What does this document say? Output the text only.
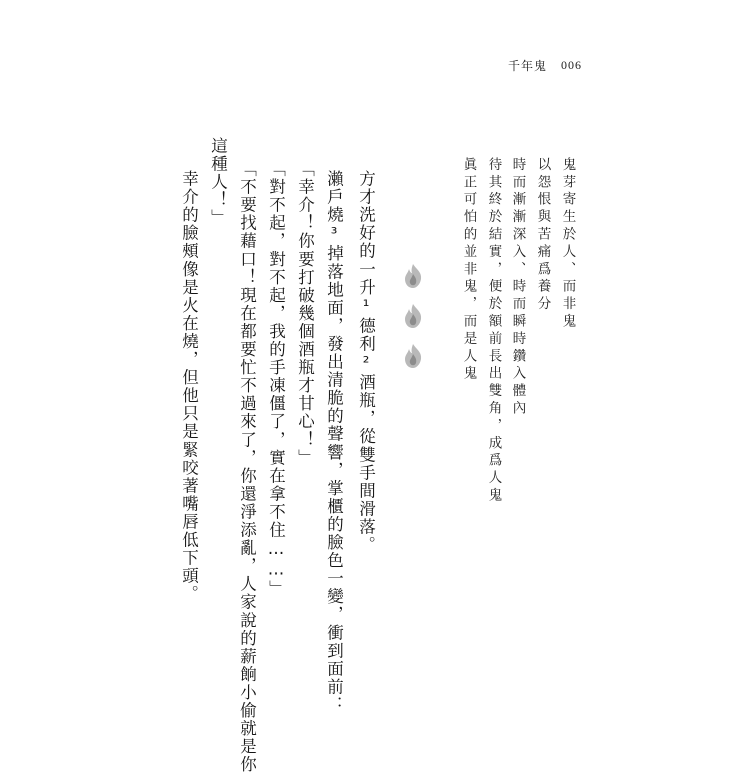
千年鬼 006
鬼芽寄生於人、而非鬼
以怨恨與苦痛爲養分
時而漸漸深入、時而瞬時鑽入體內
待其終於結實，便於額前長出雙角，成爲人鬼
眞正可怕的並非鬼，而是人鬼
方才洗好的一升¹德利²酒瓶，從雙手間滑落。
瀨戶燒³掉落地面，發出清脆的聲響，掌櫃的臉色一變，衝到面前：
「幸介！你要打破幾個酒瓶才甘心！」
「對不起，對不起，我的手凍僵了，實在拿不住……」
「不要找藉口！現在都要忙不過來了，你還淨添亂，人家說的薪餉小偷就是你
這種人！」
幸介的臉頰像是火在燒，但他只是緊咬著嘴唇低下頭。
